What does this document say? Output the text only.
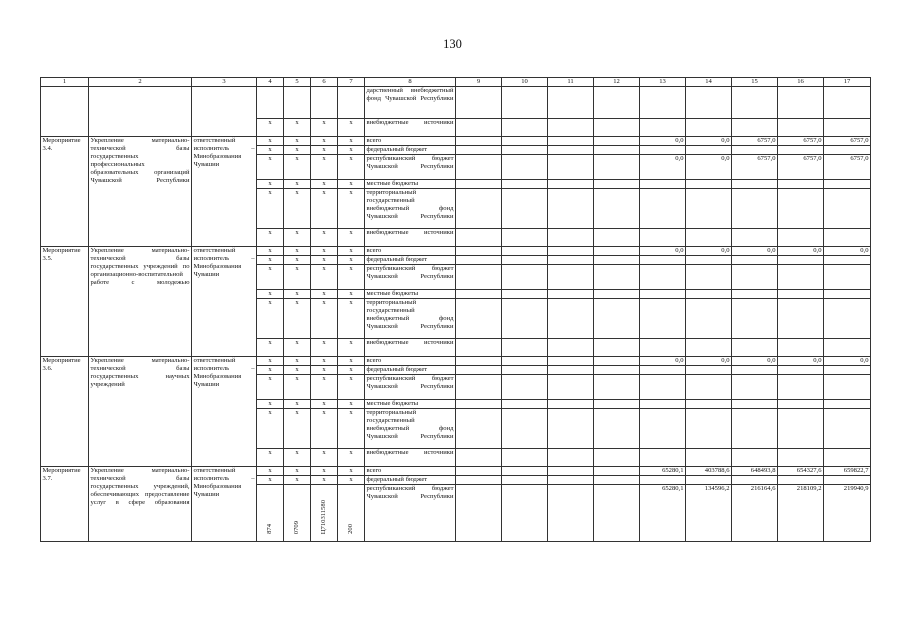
130
1	2	3	4	5	6	7	8	9	10	11	12	13	14	15	16	17
							дарственный внебюджетный фонд Чувашской Республики									
			x	x	x	x	внебюджетные источники									
Мероприятие 3.4.	Укрепление материально-технической базы государственных профессиональных образовательных организаций Чувашской Республики	ответственный исполнитель – Минобразования Чувашии	x	x	x	x	всего					0,0	0,0	6757,0	6757,0	6757,0
			x	x	x	x	федеральный бюджет									
			x	x	x	x	республиканский бюджет Чувашской Республики					0,0	0,0	6757,0	6757,0	6757,0
			x	x	x	x	местные бюджеты									
			x	x	x	x	территориальный государственный внебюджетный фонд Чувашской Республики									
			x	x	x	x	внебюджетные источники									
Мероприятие 3.5.	Укрепление материально-технической базы государственных учреждений по организационно-воспитательной работе с молодежью	ответственный исполнитель – Минобразования Чувашии	x	x	x	x	всего					0,0	0,0	0,0	0,0	0,0
			x	x	x	x	федеральный бюджет									
			x	x	x	x	республиканский бюджет Чувашской Республики									
			x	x	x	x	местные бюджеты									
			x	x	x	x	территориальный государственный внебюджетный фонд Чувашской Республики									
			x	x	x	x	внебюджетные источники									
Мероприятие 3.6.	Укрепление материально-технической базы государственных научных учреждений	ответственный исполнитель – Минобразования Чувашии	x	x	x	x	всего					0,0	0,0	0,0	0,0	0,0
			x	x	x	x	федеральный бюджет									
			x	x	x	x	республиканский бюджет Чувашской Республики									
			x	x	x	x	местные бюджеты									
			x	x	x	x	территориальный государственный внебюджетный фонд Чувашской Республики									
			x	x	x	x	внебюджетные источники									
Мероприятие 3.7.	Укрепление материально-технической базы государственных учреждений, обеспечивающих предоставление услуг в сфере образования	ответственный исполнитель – Минобразования Чувашии	x	x	x	x	всего					65280,1	403788,6	648493,8	654327,6	659822,7
			x	x	x	x	федеральный бюджет									
			874	0709	Ц710311580	200	республиканский бюджет Чувашской Республики					65280,1	134596,2	216164,6	218109,2	219940,9
